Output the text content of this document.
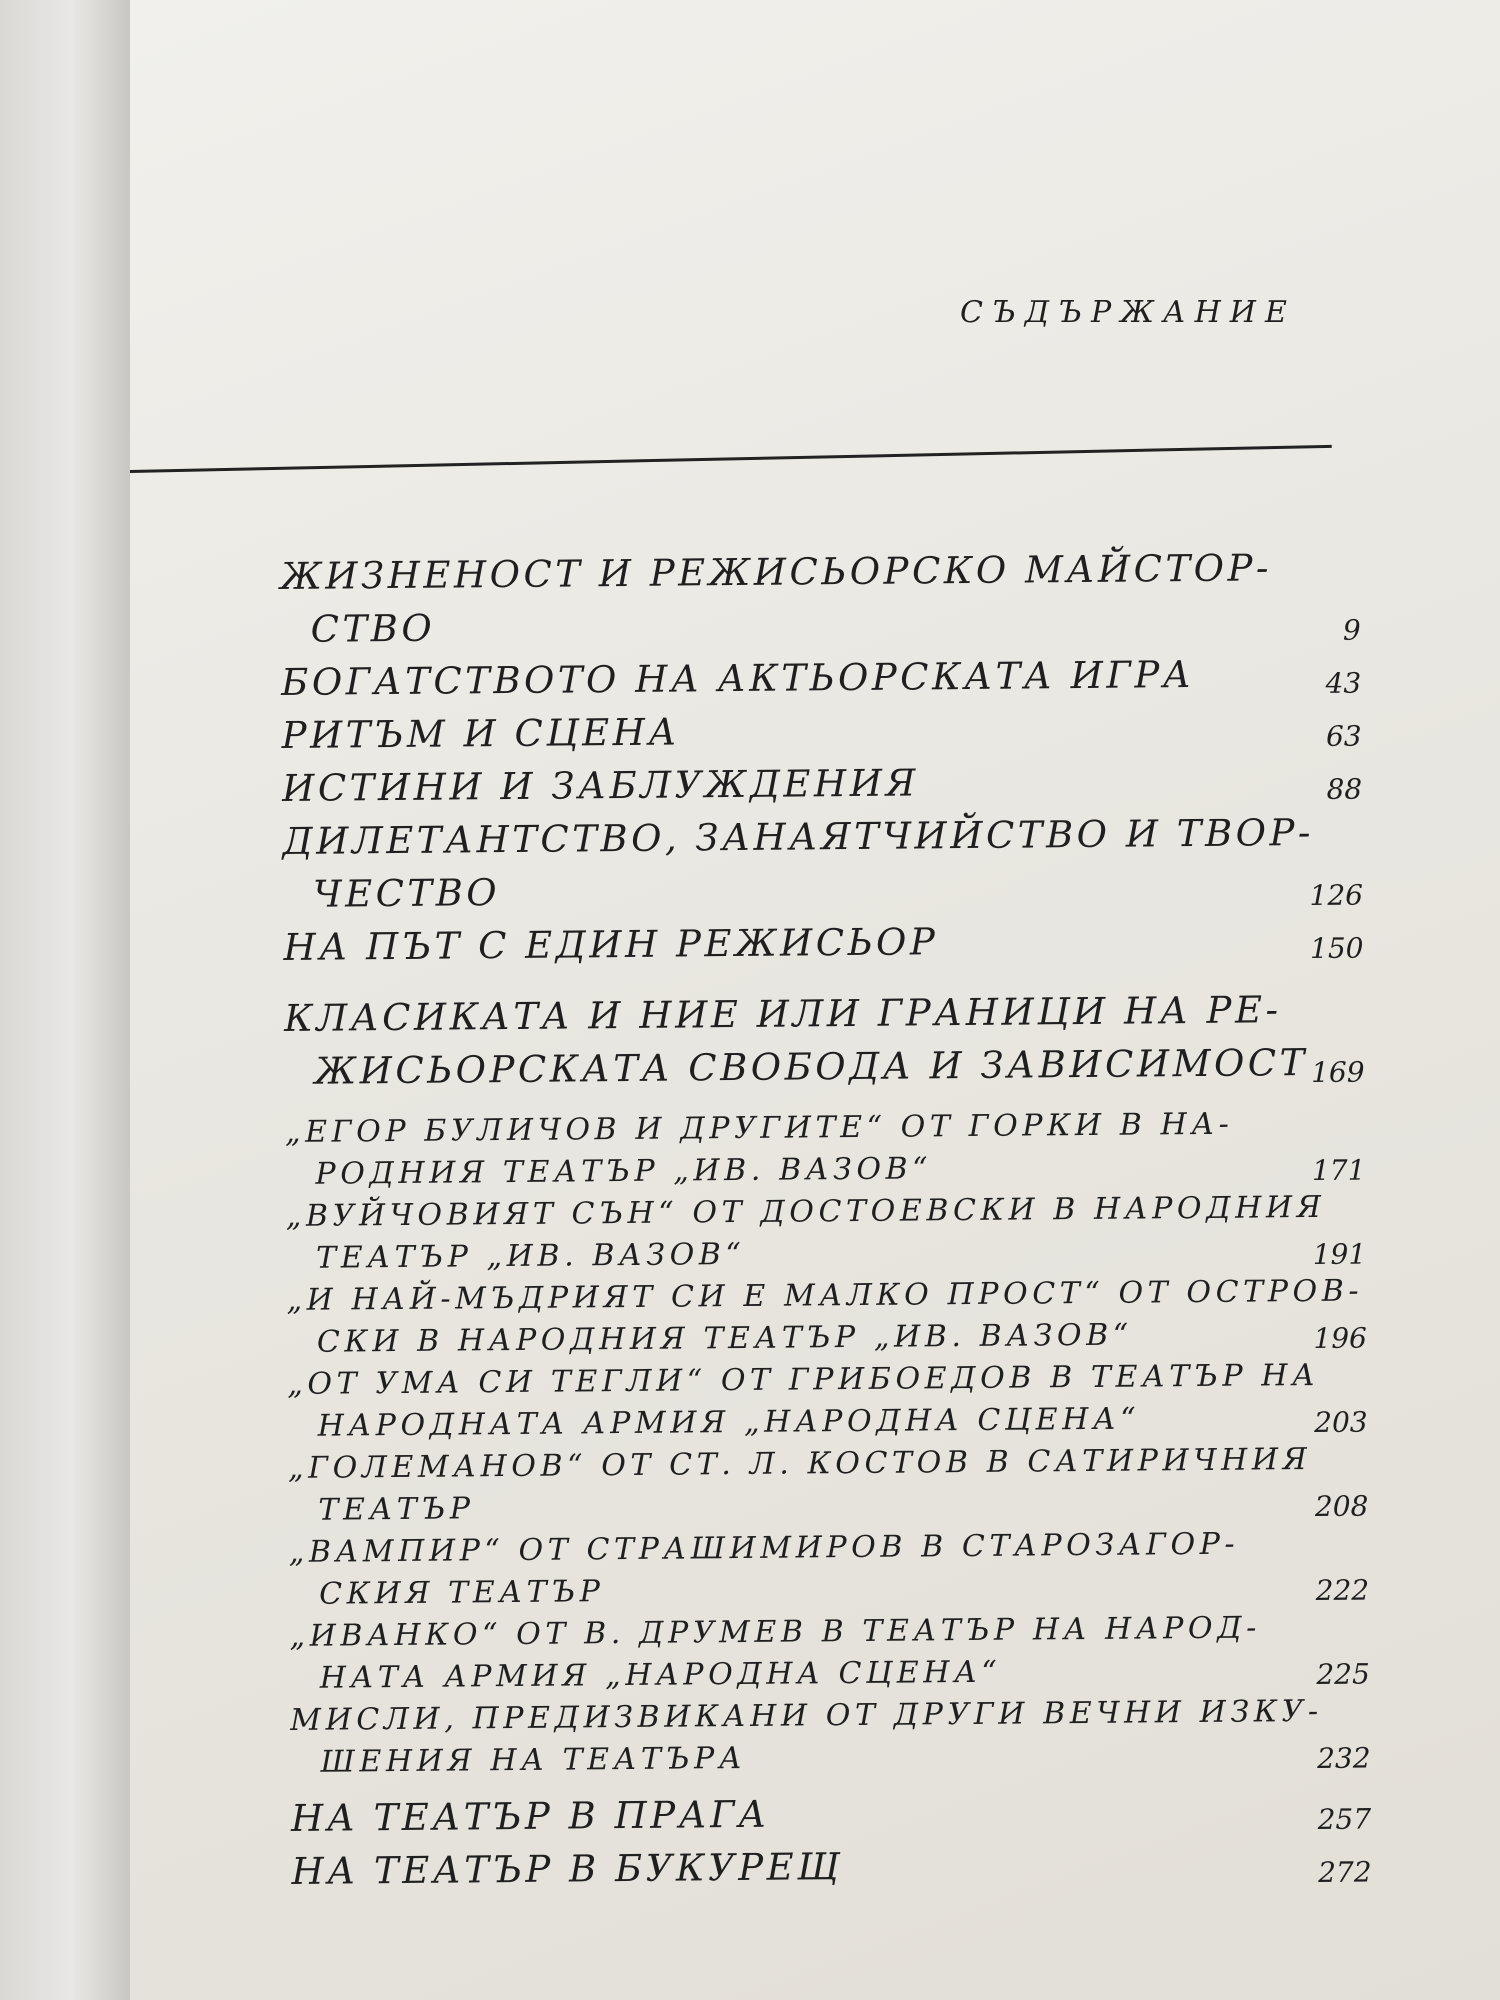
СЪДЪРЖАНИЕ
ЖИЗНЕНОСТ И РЕЖИСЬОРСКО МАЙСТОР-
СТВО	9
БОГАТСТВОТО НА АКТЬОРСКАТА ИГРА	43
РИТЪМ И СЦЕНА	63
ИСТИНИ И ЗАБЛУЖДЕНИЯ	88
ДИЛЕТАНТСТВО, ЗАНАЯТЧИЙСТВО И ТВОР-
ЧЕСТВО	126
НА ПЪТ С ЕДИН РЕЖИСЬОР	150
КЛАСИКАТА И НИЕ ИЛИ ГРАНИЦИ НА РЕ-
ЖИСЬОРСКАТА СВОБОДА И ЗАВИСИМОСТ 169
„ЕГОР БУЛИЧОВ И ДРУГИТЕ“ ОТ ГОРКИ В НА-
РОДНИЯ ТЕАТЪР „ИВ. ВАЗОВ“	171
„ВУЙЧОВИЯТ СЪН“ ОТ ДОСТОЕВСКИ В НАРОДНИЯ
ТЕАТЪР „ИВ. ВАЗОВ“	191
„И НАЙ-МЪДРИЯТ СИ Е МАЛКО ПРОСТ“ ОТ ОСТРОВ-
СКИ В НАРОДНИЯ ТЕАТЪР „ИВ. ВАЗОВ“	196
„ОТ УМА СИ ТЕГЛИ“ ОТ ГРИБОЕДОВ В ТЕАТЪР НА
НАРОДНАТА АРМИЯ „НАРОДНА СЦЕНА“	203
„ГОЛЕМАНОВ“ ОТ СТ. Л. КОСТОВ В САТИРИЧНИЯ
ТЕАТЪР	208
„ВАМПИР“ ОТ СТРАШИМИРОВ В СТАРОЗАГОР-
СКИЯ ТЕАТЪР	222
„ИВАНКО“ ОТ В. ДРУМЕВ В ТЕАТЪР НА НАРОД-
НАТА АРМИЯ „НАРОДНА СЦЕНА“	225
МИСЛИ, ПРЕДИЗВИКАНИ ОТ ДРУГИ ВЕЧНИ ИЗКУ-
ШЕНИЯ НА ТЕАТЪРА	232
НА ТЕАТЪР В ПРАГА	257
НА ТЕАТЪР В БУКУРЕЩ	272
